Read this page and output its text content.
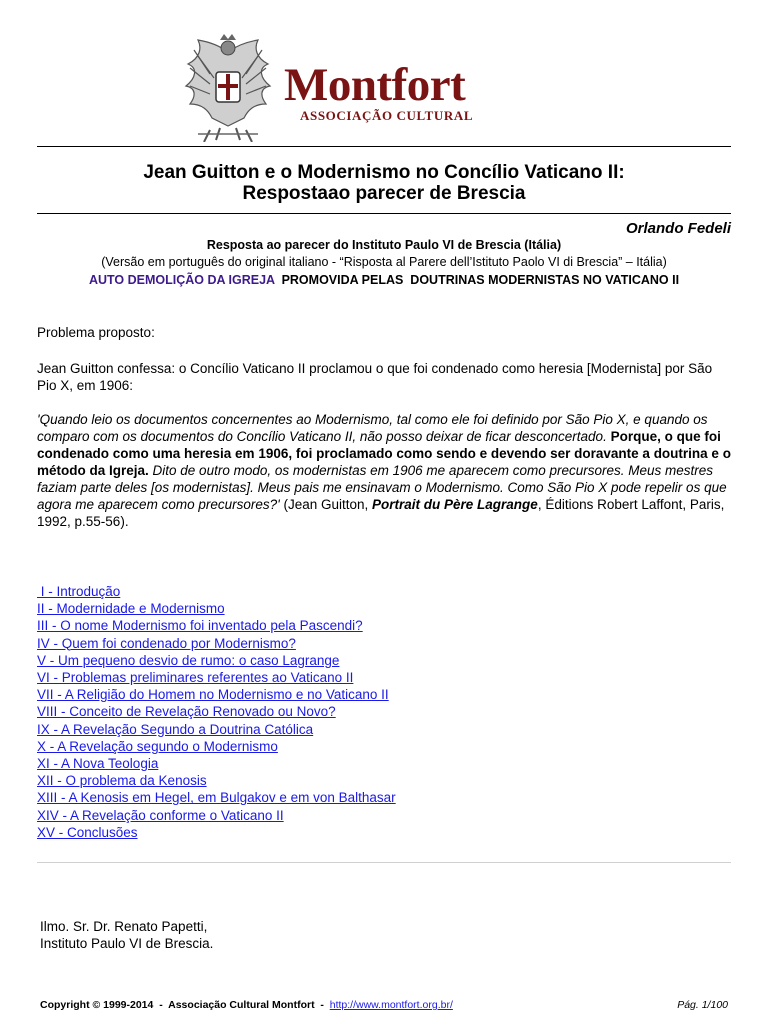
Montfort
ASSOCIAÇÃO CULTURAL
Jean Guitton e o Modernismo no Concílio Vaticano II:
Respostaao parecer de Brescia
Orlando Fedeli
Resposta ao parecer do Instituto Paulo VI de Brescia (Itália)
(Versão em português do original italiano - “Risposta al Parere dell’Istituto Paolo VI di Brescia” – Itália)
AUTO DEMOLIÇÃO DA IGREJA  PROMOVIDA PELAS  DOUTRINAS MODERNISTAS NO VATICANO II
Problema proposto:
Jean Guitton confessa: o Concílio Vaticano II proclamou o que foi condenado como heresia [Modernista] por São Pio X, em 1906:
'Quando leio os documentos concernentes ao Modernismo, tal como ele foi definido por São Pio X, e quando os comparo com os documentos do Concílio Vaticano II, não posso deixar de ficar desconcertado. Porque, o que foi condenado como uma heresia em 1906, foi proclamado como sendo e devendo ser doravante a doutrina e o método da Igreja. Dito de outro modo, os modernistas em 1906 me aparecem como precursores. Meus mestres faziam parte deles [os modernistas]. Meus pais me ensinavam o Modernismo. Como São Pio X pode repelir os que agora me aparecem como precursores?' (Jean Guitton, Portrait du Père Lagrange, Éditions Robert Laffont, Paris, 1992, p.55-56).
I - Introdução
II - Modernidade e Modernismo
III - O nome Modernismo foi inventado pela Pascendi?
IV - Quem foi condenado por Modernismo?
V - Um pequeno desvio de rumo: o caso Lagrange
VI - Problemas preliminares referentes ao Vaticano II
VII - A Religião do Homem no Modernismo e no Vaticano II
VIII - Conceito de Revelação Renovado ou Novo?
IX - A Revelação Segundo a Doutrina Católica
X - A Revelação segundo o Modernismo
XI - A Nova Teologia
XII - O problema da Kenosis
XIII - A Kenosis em Hegel, em Bulgakov e em von Balthasar
XIV - A Revelação conforme o Vaticano II
XV - Conclusões
Ilmo. Sr. Dr. Renato Papetti,
Instituto Paulo VI de Brescia.
Copyright © 1999-2014  -  Associação Cultural Montfort  -  http://www.montfort.org.br/	Pág. 1/100
